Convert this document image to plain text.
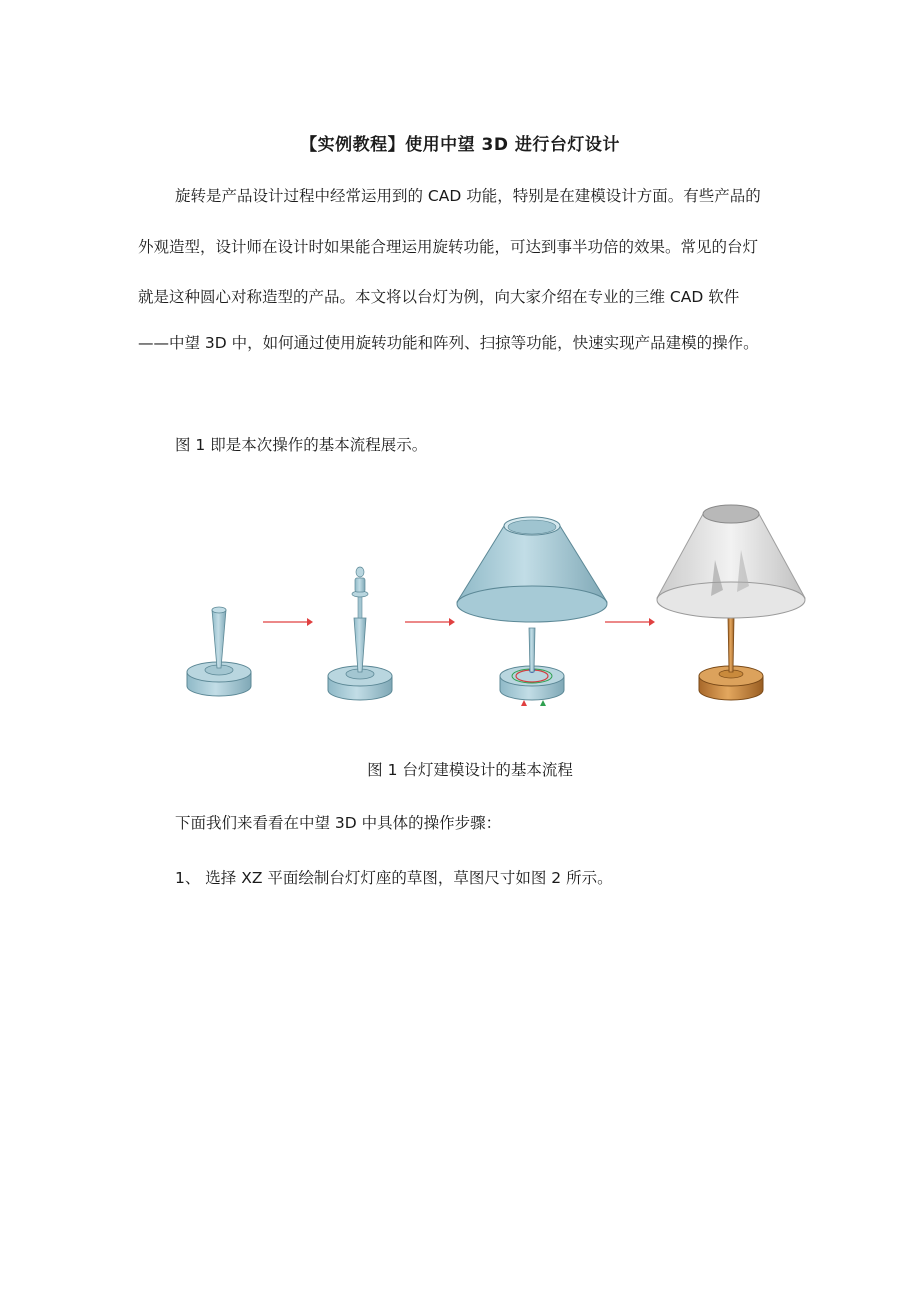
【实例教程】使用中望 3D 进行台灯设计
旋转是产品设计过程中经常运用到的 CAD 功能，特别是在建模设计方面。有些产品的
外观造型，设计师在设计时如果能合理运用旋转功能，可达到事半功倍的效果。常见的台灯
就是这种圆心对称造型的产品。本文将以台灯为例，向大家介绍在专业的三维 CAD 软件
——中望 3D 中，如何通过使用旋转功能和阵列、扫掠等功能，快速实现产品建模的操作。
图 1 即是本次操作的基本流程展示。
图 1 台灯建模设计的基本流程
下面我们来看看在中望 3D 中具体的操作步骤：
1、 选择 XZ 平面绘制台灯灯座的草图，草图尺寸如图 2 所示。
